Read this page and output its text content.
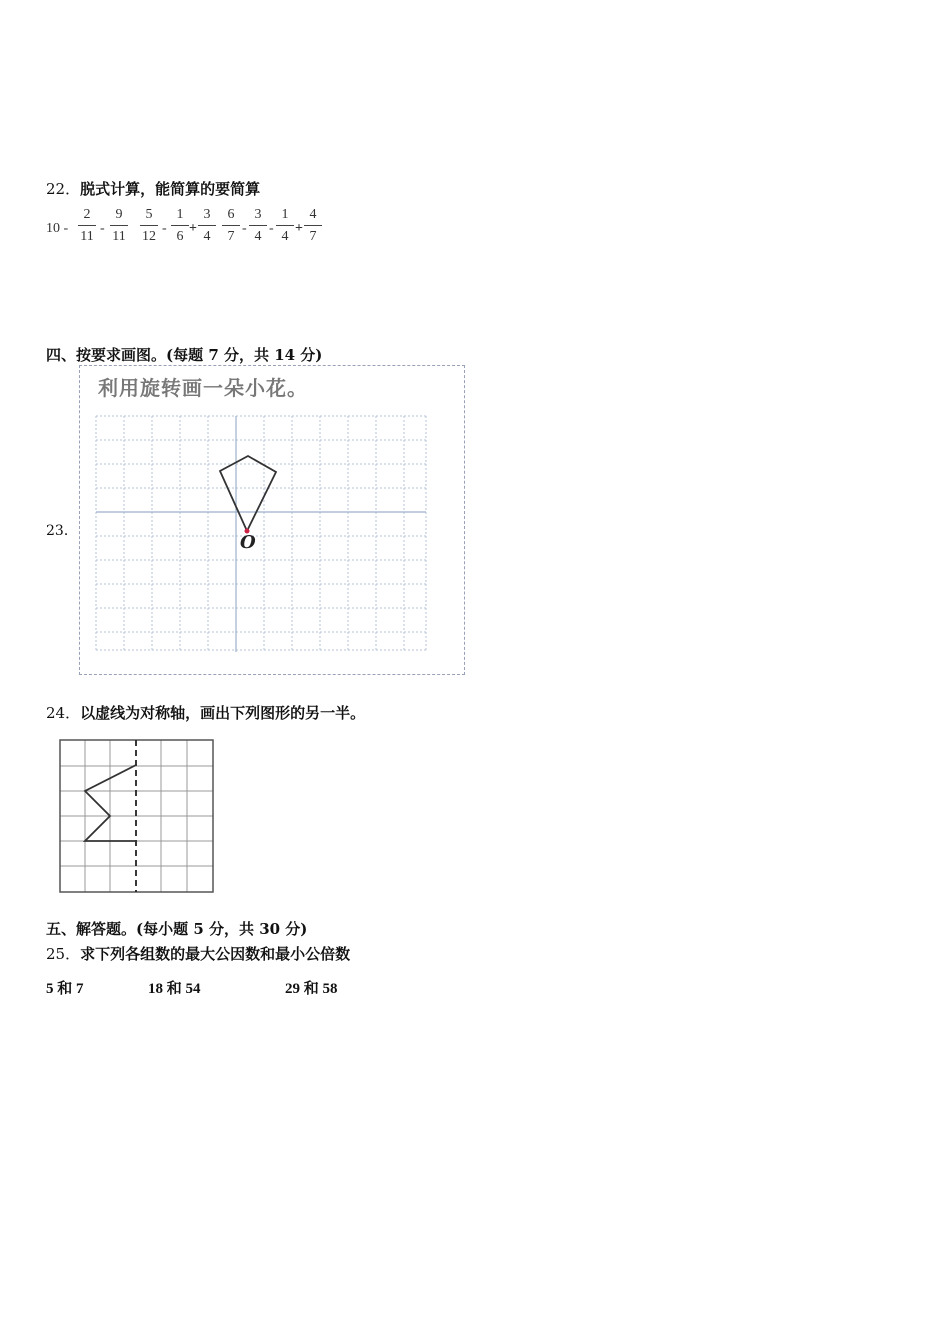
22．脱式计算，能简算的要简算
10 -
2
11
-
9
11
5
12
-
1
6
+
3
4
6
7
-
3
4
-
1
4
+
4
7
四、按要求画图。(每题 7 分，共 14 分)
23．
利用旋转画一朵小花。
O
24．以虚线为对称轴，画出下列图形的另一半。
五、解答题。(每小题 5 分，共 30 分)
25．求下列各组数的最大公因数和最小公倍数
5 和 7	18 和 54	29 和 58
